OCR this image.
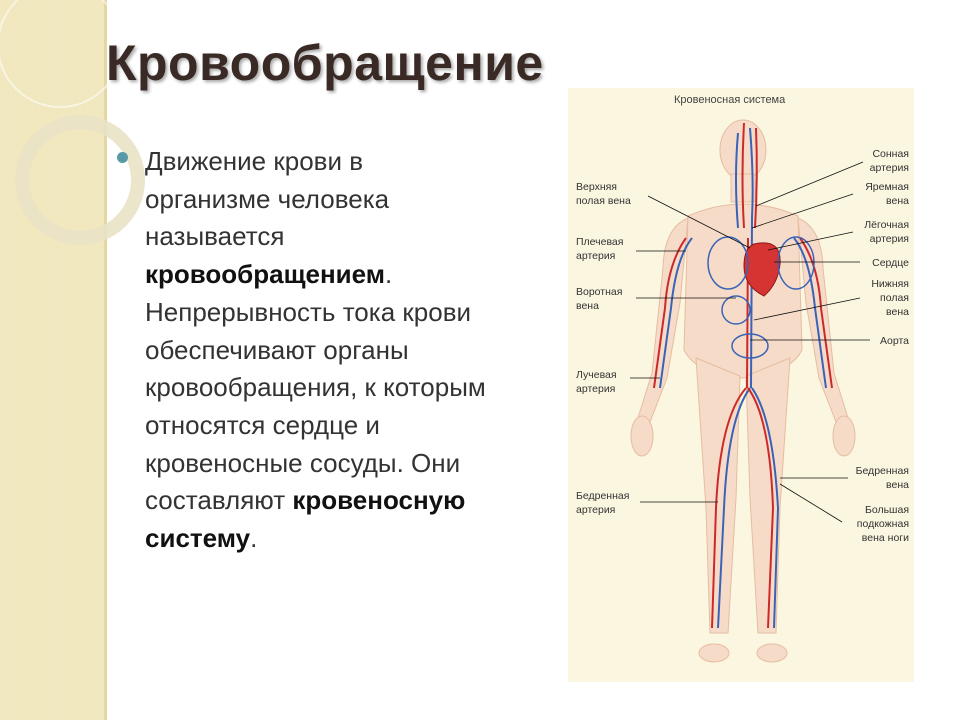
Кровообращение

Движение крови в организме человека называется кровообращением. Непрерывность тока крови обеспечивают органы кровообращения, к которым относятся сердце и кровеносные сосуды. Они составляют кровеносную систему.

Кровеносная система
Верхняя
полая вена
Плечевая
артерия
Воротная
вена
Лучевая
артерия
Бедренная
артерия
Сонная
артерия
Яремная
вена
Лёгочная
артерия
Сердце
Нижняя
полая
вена
Аорта
Бедренная
вена
Большая
подкожная
вена ноги
